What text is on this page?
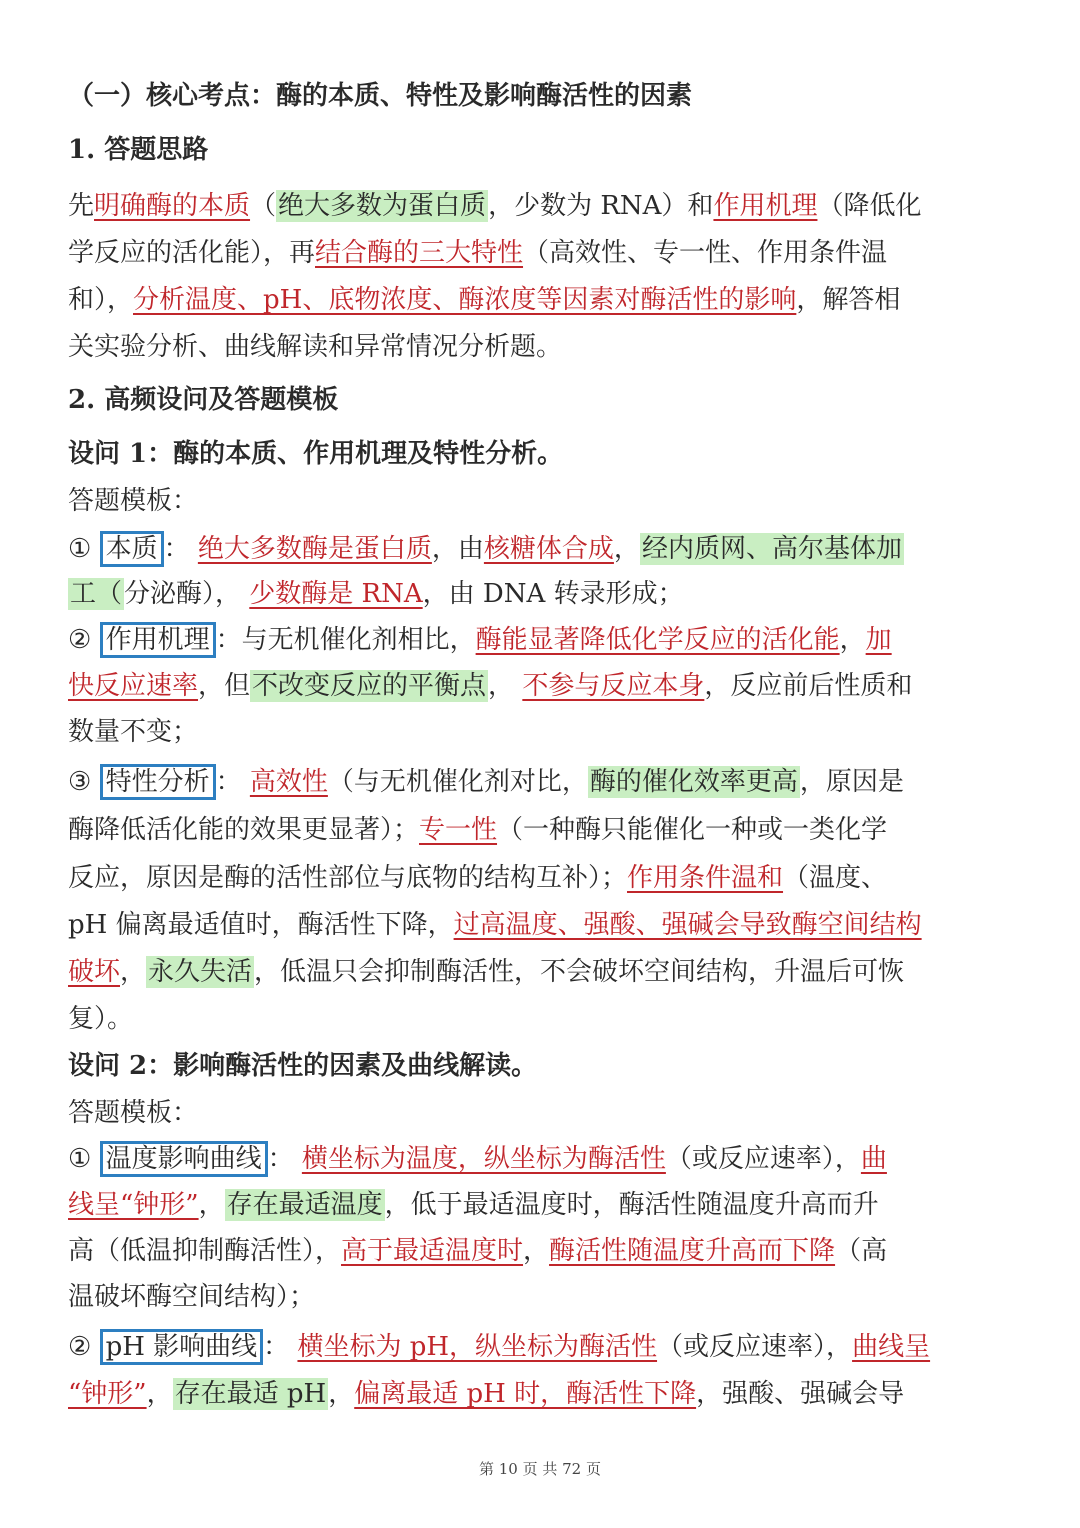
（一）核心考点：酶的本质、特性及影响酶活性的因素
1. 答题思路
先明确酶的本质（绝大多数为蛋白质，少数为 RNA）和作用机理（降低化
学反应的活化能），再结合酶的三大特性（高效性、专一性、作用条件温
和），分析温度、pH、底物浓度、酶浓度等因素对酶活性的影响，解答相
关实验分析、曲线解读和异常情况分析题。
2. 高频设问及答题模板
设问 1：酶的本质、作用机理及特性分析。
答题模板：
① 本质 ： 绝大多数酶是蛋白质，由核糖体合成，经内质网、高尔基体加
工（分泌酶）， 少数酶是 RNA，由 DNA 转录形成；
② 作用机理 ：与无机催化剂相比，酶能显著降低化学反应的活化能，加
快反应速率，但不改变反应的平衡点， 不参与反应本身，反应前后性质和
数量不变；
③ 特性分析 ： 高效性（与无机催化剂对比，酶的催化效率更高，原因是
酶降低活化能的效果更显著）；专一性（一种酶只能催化一种或一类化学
反应，原因是酶的活性部位与底物的结构互补）；作用条件温和（温度、
pH 偏离最适值时，酶活性下降，过高温度、强酸、强碱会导致酶空间结构
破坏，永久失活，低温只会抑制酶活性，不会破坏空间结构，升温后可恢
复）。
设问 2：影响酶活性的因素及曲线解读。
答题模板：
① 温度影响曲线 ： 横坐标为温度，纵坐标为酶活性（或反应速率），曲
线呈“钟形”，存在最适温度，低于最适温度时，酶活性随温度升高而升
高（低温抑制酶活性），高于最适温度时，酶活性随温度升高而下降（高
温破坏酶空间结构）；
② pH 影响曲线 ： 横坐标为 pH，纵坐标为酶活性（或反应速率），曲线呈
“钟形”，存在最适 pH，偏离最适 pH 时，酶活性下降，强酸、强碱会导
第 10 页 共 72 页
